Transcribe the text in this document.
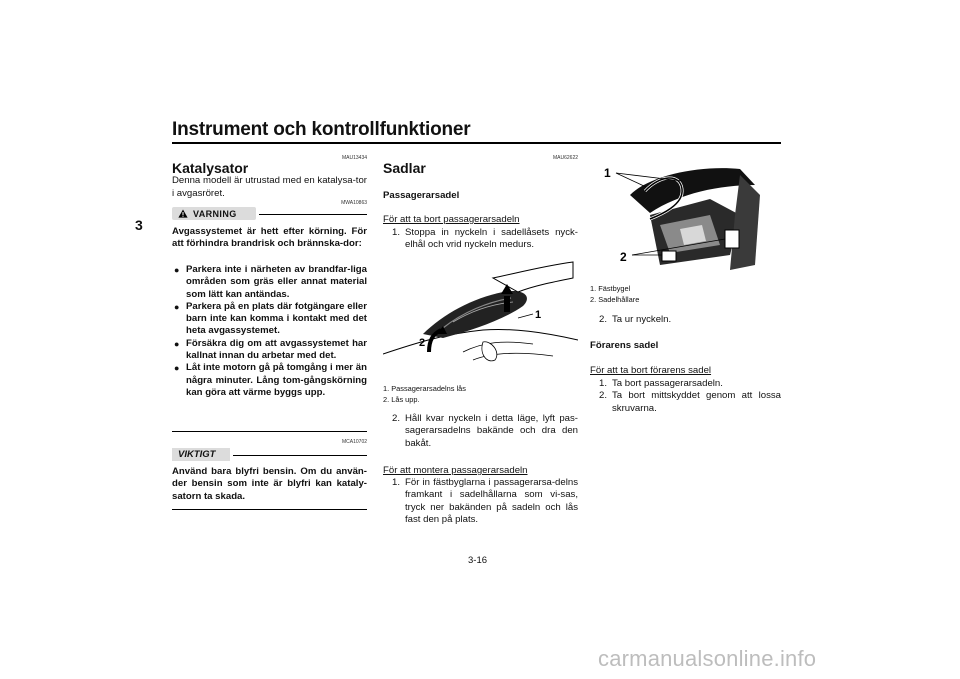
Instrument och kontrollfunktioner
3
MAU13434
Katalysator

Denna modell är utrustad med en katalysa-tor i avgasröret.

MWA10863
VARNING

Avgassystemet är hett efter körning. För att förhindra brandrisk och brännska-dor:

● Parkera inte i närheten av brandfar-liga områden som gräs eller annat material som lätt kan antändas.
● Parkera på en plats där fotgängare eller barn inte kan komma i kontakt med det heta avgassystemet.
● Försäkra dig om att avgassystemet har kallnat innan du arbetar med det.
● Låt inte motorn gå på tomgång i mer än några minuter. Lång tom-gångskörning kan göra att värme byggs upp.
MCA10702
VIKTIGT

Använd bara blyfri bensin. Om du använ-der bensin som inte är blyfri kan kataly-satorn ta skada.

MAU62622
Sadlar
Passagerarsadel
För att ta bort passagerarsadeln
1. Stoppa in nyckeln i sadellåsets nyck-elhål och vrid nyckeln medurs.
1
2
1. Passagerarsadelns lås
2. Lås upp.
2. Håll kvar nyckeln i detta läge, lyft pas-sagerarsadelns bakände och dra den bakåt.
För att montera passagerarsadeln
1. För in fästbyglarna i passagerarsa-delns framkant i sadelhållarna som vi-sas, tryck ner bakänden på sadeln och lås fast den på plats.
1
2
1. Fästbygel
2. Sadelhållare
2. Ta ur nyckeln.
Förarens sadel
För att ta bort förarens sadel
1. Ta bort passagerarsadeln.
2. Ta bort mittskyddet genom att lossa skruvarna.
3-16
carmanualsonline.info
